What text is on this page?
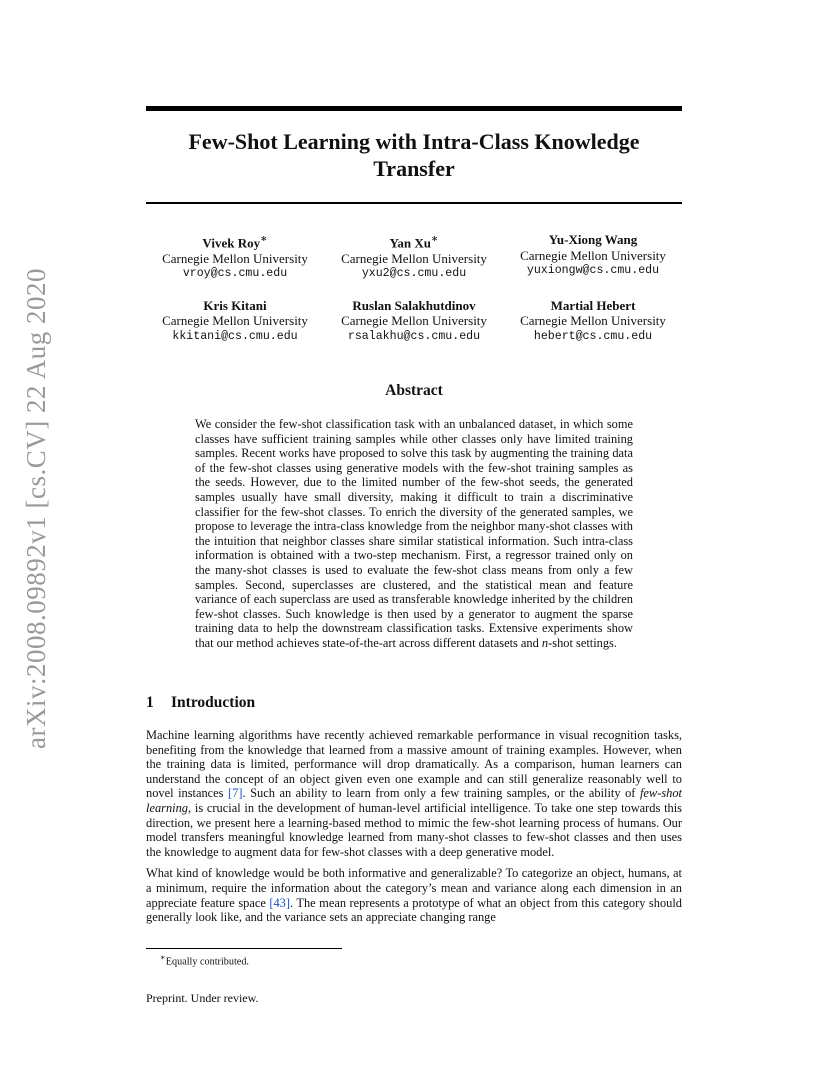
arXiv:2008.09892v1 [cs.CV] 22 Aug 2020
Few-Shot Learning with Intra-Class Knowledge
Transfer
Vivek Roy∗
Carnegie Mellon University
vroy@cs.cmu.edu
Yan Xu∗
Carnegie Mellon University
yxu2@cs.cmu.edu
Yu-Xiong Wang
Carnegie Mellon University
yuxiongw@cs.cmu.edu
Kris Kitani
Carnegie Mellon University
kkitani@cs.cmu.edu
Ruslan Salakhutdinov
Carnegie Mellon University
rsalakhu@cs.cmu.edu
Martial Hebert
Carnegie Mellon University
hebert@cs.cmu.edu
Abstract
We consider the few-shot classification task with an unbalanced dataset, in which some classes have sufficient training samples while other classes only have limited training samples. Recent works have proposed to solve this task by augmenting the training data of the few-shot classes using generative models with the few-shot training samples as the seeds. However, due to the limited number of the few-shot seeds, the generated samples usually have small diversity, making it difficult to train a discriminative classifier for the few-shot classes. To enrich the diversity of the generated samples, we propose to leverage the intra-class knowledge from the neighbor many-shot classes with the intuition that neighbor classes share similar statistical information. Such intra-class information is obtained with a two-step mechanism. First, a regressor trained only on the many-shot classes is used to evaluate the few-shot class means from only a few samples. Second, superclasses are clustered, and the statistical mean and feature variance of each superclass are used as transferable knowledge inherited by the children few-shot classes. Such knowledge is then used by a generator to augment the sparse training data to help the downstream classification tasks. Extensive experiments show that our method achieves state-of-the-art across different datasets and n-shot settings.
1 Introduction

Machine learning algorithms have recently achieved remarkable performance in visual recognition tasks, benefiting from the knowledge that learned from a massive amount of training examples. However, when the training data is limited, performance will drop dramatically. As a comparison, human learners can understand the concept of an object given even one example and can still generalize reasonably well to novel instances [7]. Such an ability to learn from only a few training samples, or the ability of few-shot learning, is crucial in the development of human-level artificial intelligence. To take one step towards this direction, we present here a learning-based method to mimic the few-shot learning process of humans. Our model transfers meaningful knowledge learned from many-shot classes to few-shot classes and then uses the knowledge to augment data for few-shot classes with a deep generative model.

What kind of knowledge would be both informative and generalizable? To categorize an object, humans, at a minimum, require the information about the category’s mean and variance along each dimension in an appreciate feature space [43]. The mean represents a prototype of what an object from this category should generally look like, and the variance sets an appreciate changing range

∗Equally contributed.
Preprint. Under review.
